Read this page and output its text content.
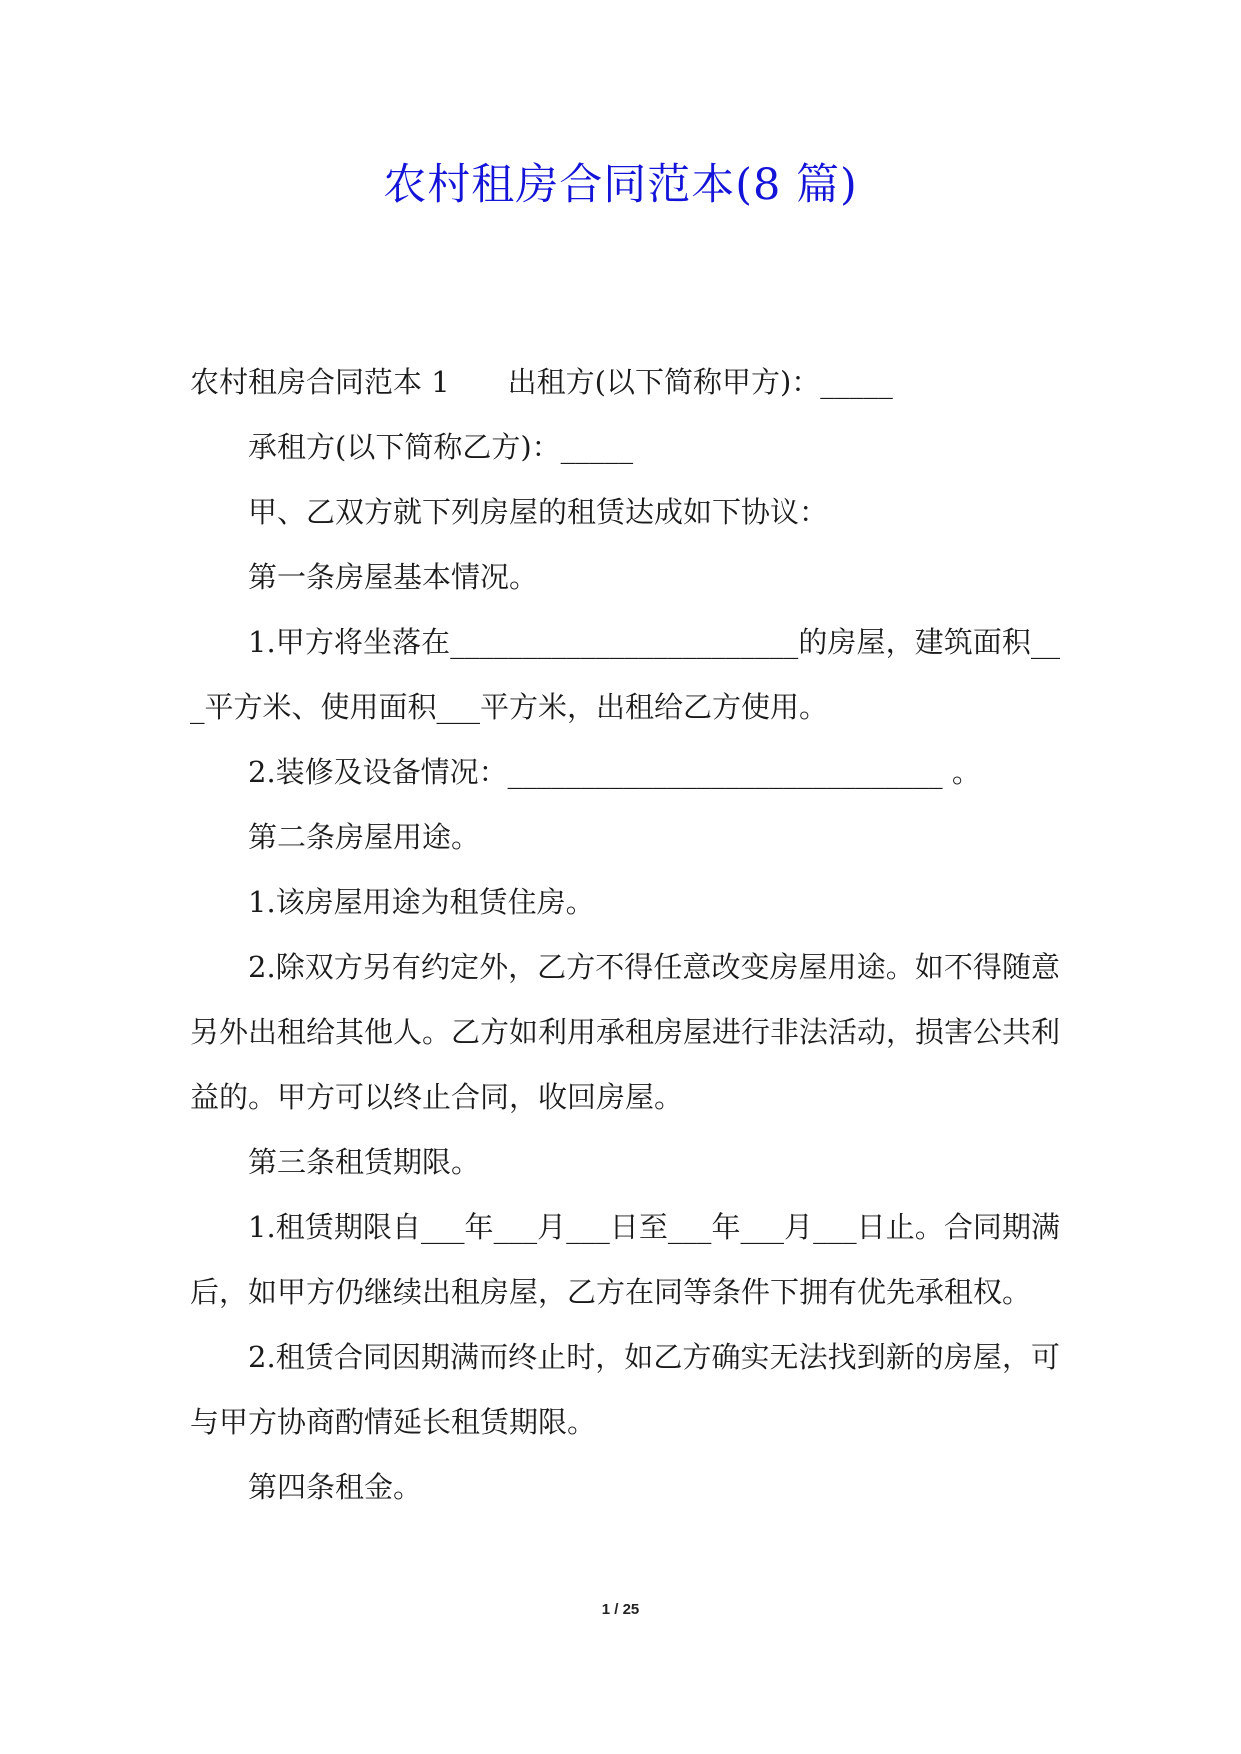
农村租房合同范本(8 篇)

农村租房合同范本 1　　出租方(以下简称甲方)：_____

承租方(以下简称乙方)：_____

甲、乙双方就下列房屋的租赁达成如下协议：

第一条房屋基本情况。

1.甲方将坐落在________________________的房屋，建筑面积___平方米、使用面积___平方米，出租给乙方使用。

2.装修及设备情况：______________________________ 。

第二条房屋用途。

1.该房屋用途为租赁住房。

2.除双方另有约定外，乙方不得任意改变房屋用途。如不得随意另外出租给其他人。乙方如利用承租房屋进行非法活动，损害公共利益的。甲方可以终止合同，收回房屋。

第三条租赁期限。

1.租赁期限自___年___月___日至___年___月___日止。合同期满后，如甲方仍继续出租房屋，乙方在同等条件下拥有优先承租权。

2.租赁合同因期满而终止时，如乙方确实无法找到新的房屋，可与甲方协商酌情延长租赁期限。

第四条租金。

1 / 25
